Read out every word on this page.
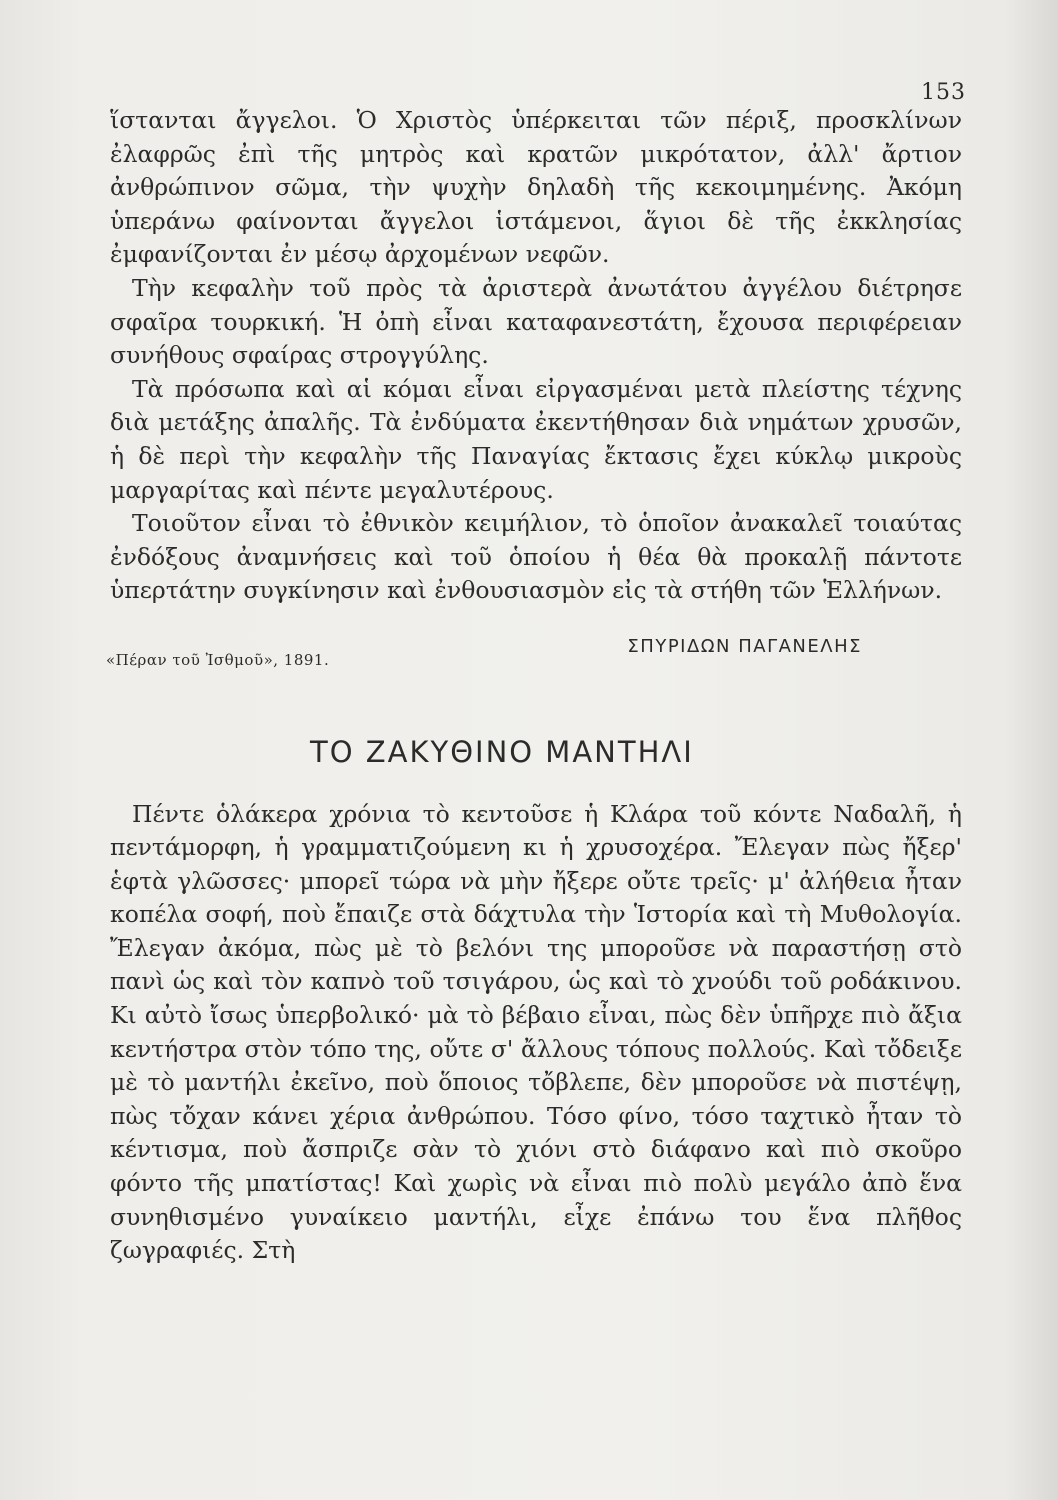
153

ἵστανται ἄγγελοι. Ὁ Χριστὸς ὑπέρκειται τῶν πέριξ, προσκλίνων ἐλαφρῶς ἐπὶ τῆς μητρὸς καὶ κρατῶν μικρότατον, ἀλλ' ἄρτιον ἀνθρώπινον σῶμα, τὴν ψυχὴν δηλαδὴ τῆς κεκοιμημένης. Ἀκόμη ὑπεράνω φαίνονται ἄγγελοι ἱστάμενοι, ἅγιοι δὲ τῆς ἐκκλησίας ἐμφανίζονται ἐν μέσῳ ἀρχομένων νεφῶν.

Τὴν κεφαλὴν τοῦ πρὸς τὰ ἀριστερὰ ἀνωτάτου ἀγγέλου διέτρησε σφαῖρα τουρκική. Ἡ ὀπὴ εἶναι καταφανεστάτη, ἔχουσα περιφέρειαν συνήθους σφαίρας στρογγύλης.

Τὰ πρόσωπα καὶ αἱ κόμαι εἶναι εἰργασμέναι μετὰ πλείστης τέχνης διὰ μετάξης ἀπαλῆς. Τὰ ἐνδύματα ἐκεντήθησαν διὰ νημάτων χρυσῶν, ἡ δὲ περὶ τὴν κεφαλὴν τῆς Παναγίας ἔκτασις ἔχει κύκλῳ μικροὺς μαργαρίτας καὶ πέντε μεγαλυτέρους.

Τοιοῦτον εἶναι τὸ ἐθνικὸν κειμήλιον, τὸ ὁποῖον ἀνακαλεῖ τοιαύτας ἐνδόξους ἀναμνήσεις καὶ τοῦ ὁποίου ἡ θέα θὰ προκαλῇ πάντοτε ὑπερτάτην συγκίνησιν καὶ ἐνθουσιασμὸν εἰς τὰ στήθη τῶν Ἑλλήνων.

ΣΠΥΡΙΔΩΝ ΠΑΓΑΝΕΛΗΣ
«Πέραν τοῦ Ἰσθμοῦ», 1891.
ΤΟ ΖΑΚΥΘΙΝΟ ΜΑΝΤΗΛΙ

Πέντε ὁλάκερα χρόνια τὸ κεντοῦσε ἡ Κλάρα τοῦ κόντε Ναδαλῆ, ἡ πεντάμορφη, ἡ γραμματιζούμενη κι ἡ χρυσοχέρα. Ἔλεγαν πὼς ἤξερ' ἑφτὰ γλῶσσες· μπορεῖ τώρα νὰ μὴν ἤξερε οὔτε τρεῖς· μ' ἀλήθεια ἦταν κοπέλα σοφή, ποὺ ἔπαιζε στὰ δάχτυλα τὴν Ἱστορία καὶ τὴ Μυθολογία. Ἔλεγαν ἀκόμα, πὼς μὲ τὸ βελόνι της μποροῦσε νὰ παραστήσῃ στὸ πανὶ ὡς καὶ τὸν καπνὸ τοῦ τσιγάρου, ὡς καὶ τὸ χνούδι τοῦ ροδάκινου. Κι αὐτὸ ἴσως ὑπερβολικό· μὰ τὸ βέβαιο εἶναι, πὼς δὲν ὑπῆρχε πιὸ ἄξια κεντήστρα στὸν τόπο της, οὔτε σ' ἄλλους τόπους πολλούς. Καὶ τὄδειξε μὲ τὸ μαντήλι ἐκεῖνο, ποὺ ὅποιος τὄβλεπε, δὲν μποροῦσε νὰ πιστέψῃ, πὼς τὄχαν κάνει χέρια ἀνθρώπου. Τόσο φίνο, τόσο ταχτικὸ ἦταν τὸ κέντισμα, ποὺ ἄσπριζε σὰν τὸ χιόνι στὸ διάφανο καὶ πιὸ σκοῦρο φόντο τῆς μπατίστας! Καὶ χωρὶς νὰ εἶναι πιὸ πολὺ μεγάλο ἀπὸ ἕνα συνηθισμένο γυναίκειο μαντήλι, εἶχε ἐπάνω του ἕνα πλῆθος ζωγραφιές. Στὴ
